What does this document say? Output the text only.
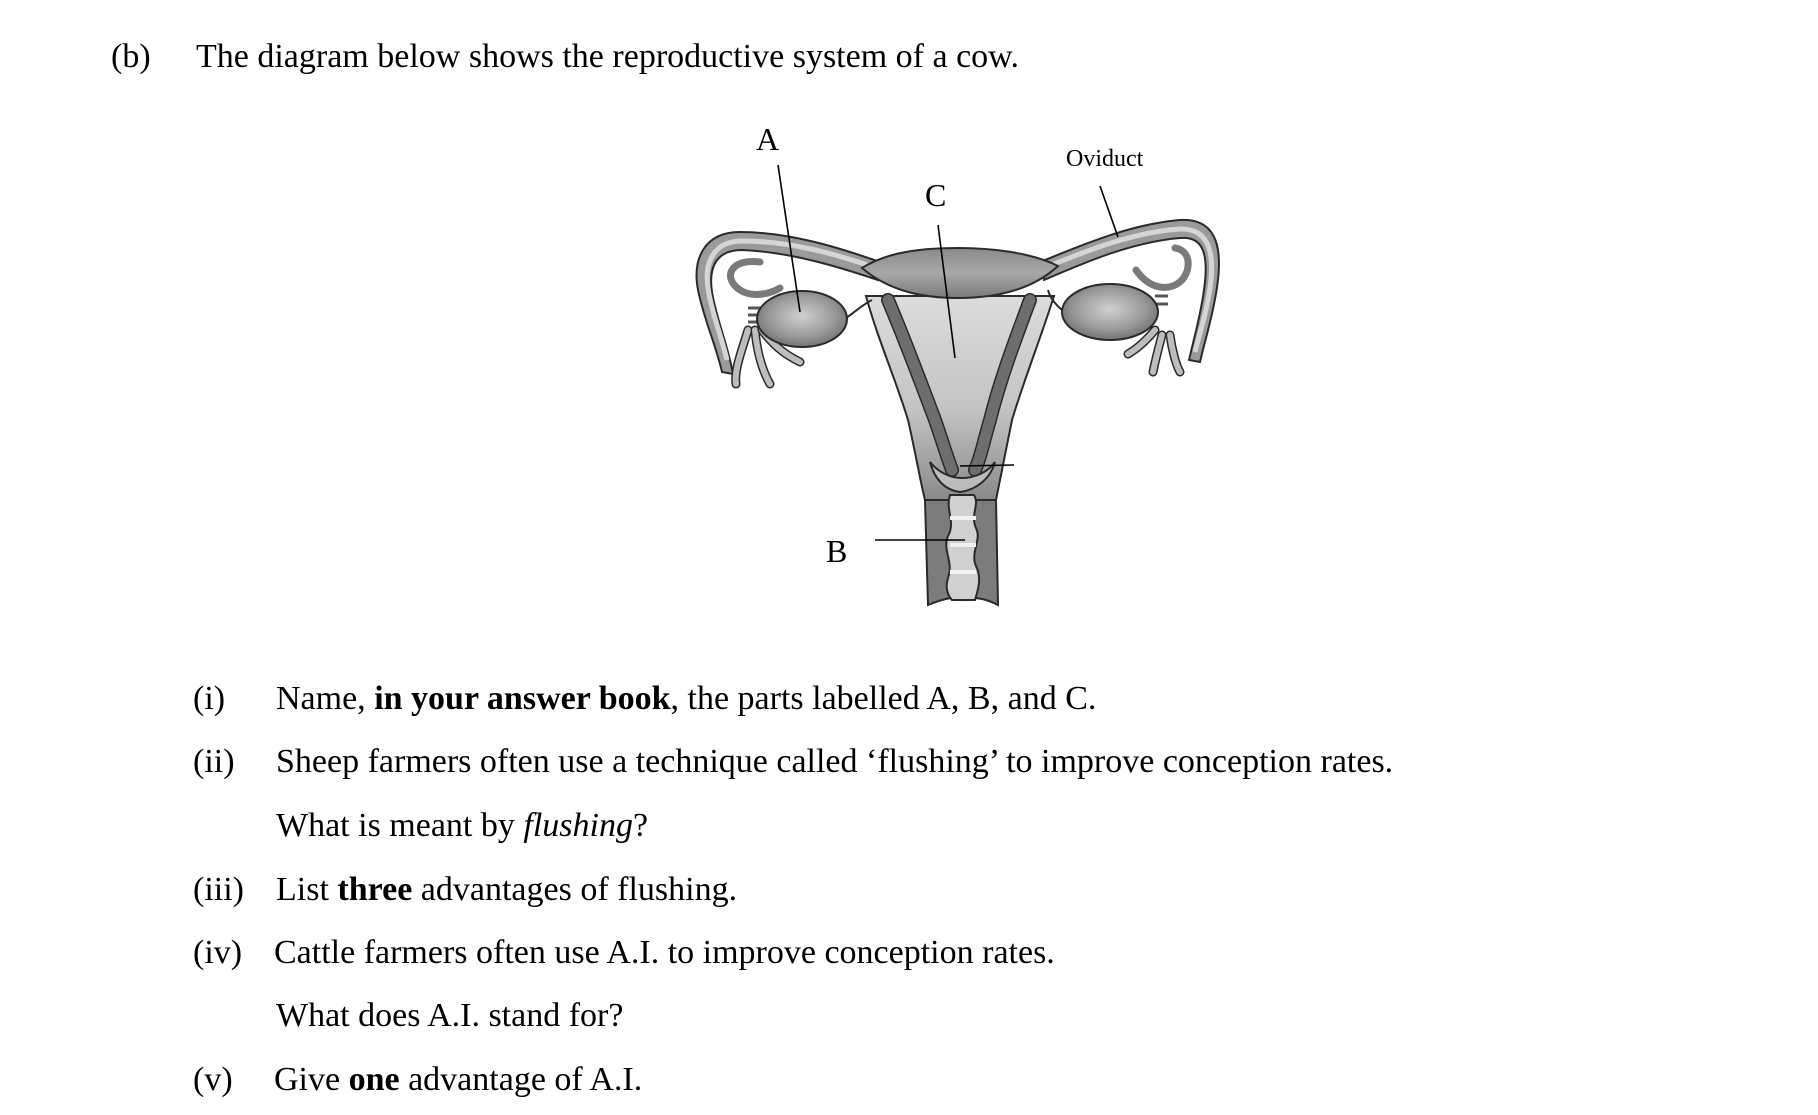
(b) The diagram below shows the reproductive system of a cow.
A
C
Oviduct
B
(i) Name, in your answer book, the parts labelled A, B, and C.
(ii) Sheep farmers often use a technique called ‘flushing’ to improve conception rates.
What is meant by flushing?
(iii) List three advantages of flushing.
(iv) Cattle farmers often use A.I. to improve conception rates.
What does A.I. stand for?
(v) Give one advantage of A.I.
